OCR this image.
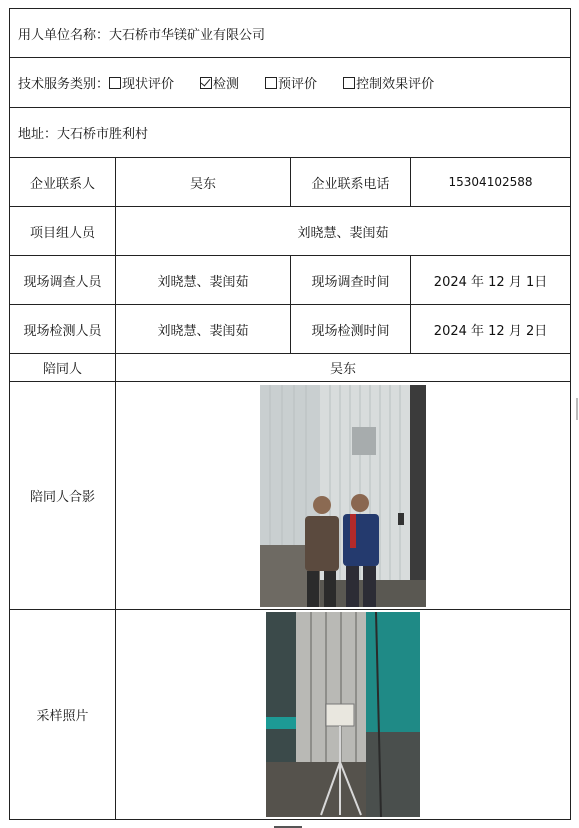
用人单位名称：大石桥市华镁矿业有限公司			
技术服务类别： 现状评价 检测 预评价 控制效果评价			
地址：大石桥市胜利村			
企业联系人	吴东	企业联系电话	15304102588
项目组人员	刘晓慧、裴闺茹		
现场调查人员	刘晓慧、裴闺茹	现场调查时间	2024 年 12 月 1日
现场检测人员	刘晓慧、裴闺茹	现场检测时间	2024 年 12 月 2日
陪同人	吴东		
陪同人合影	

采样照片	
